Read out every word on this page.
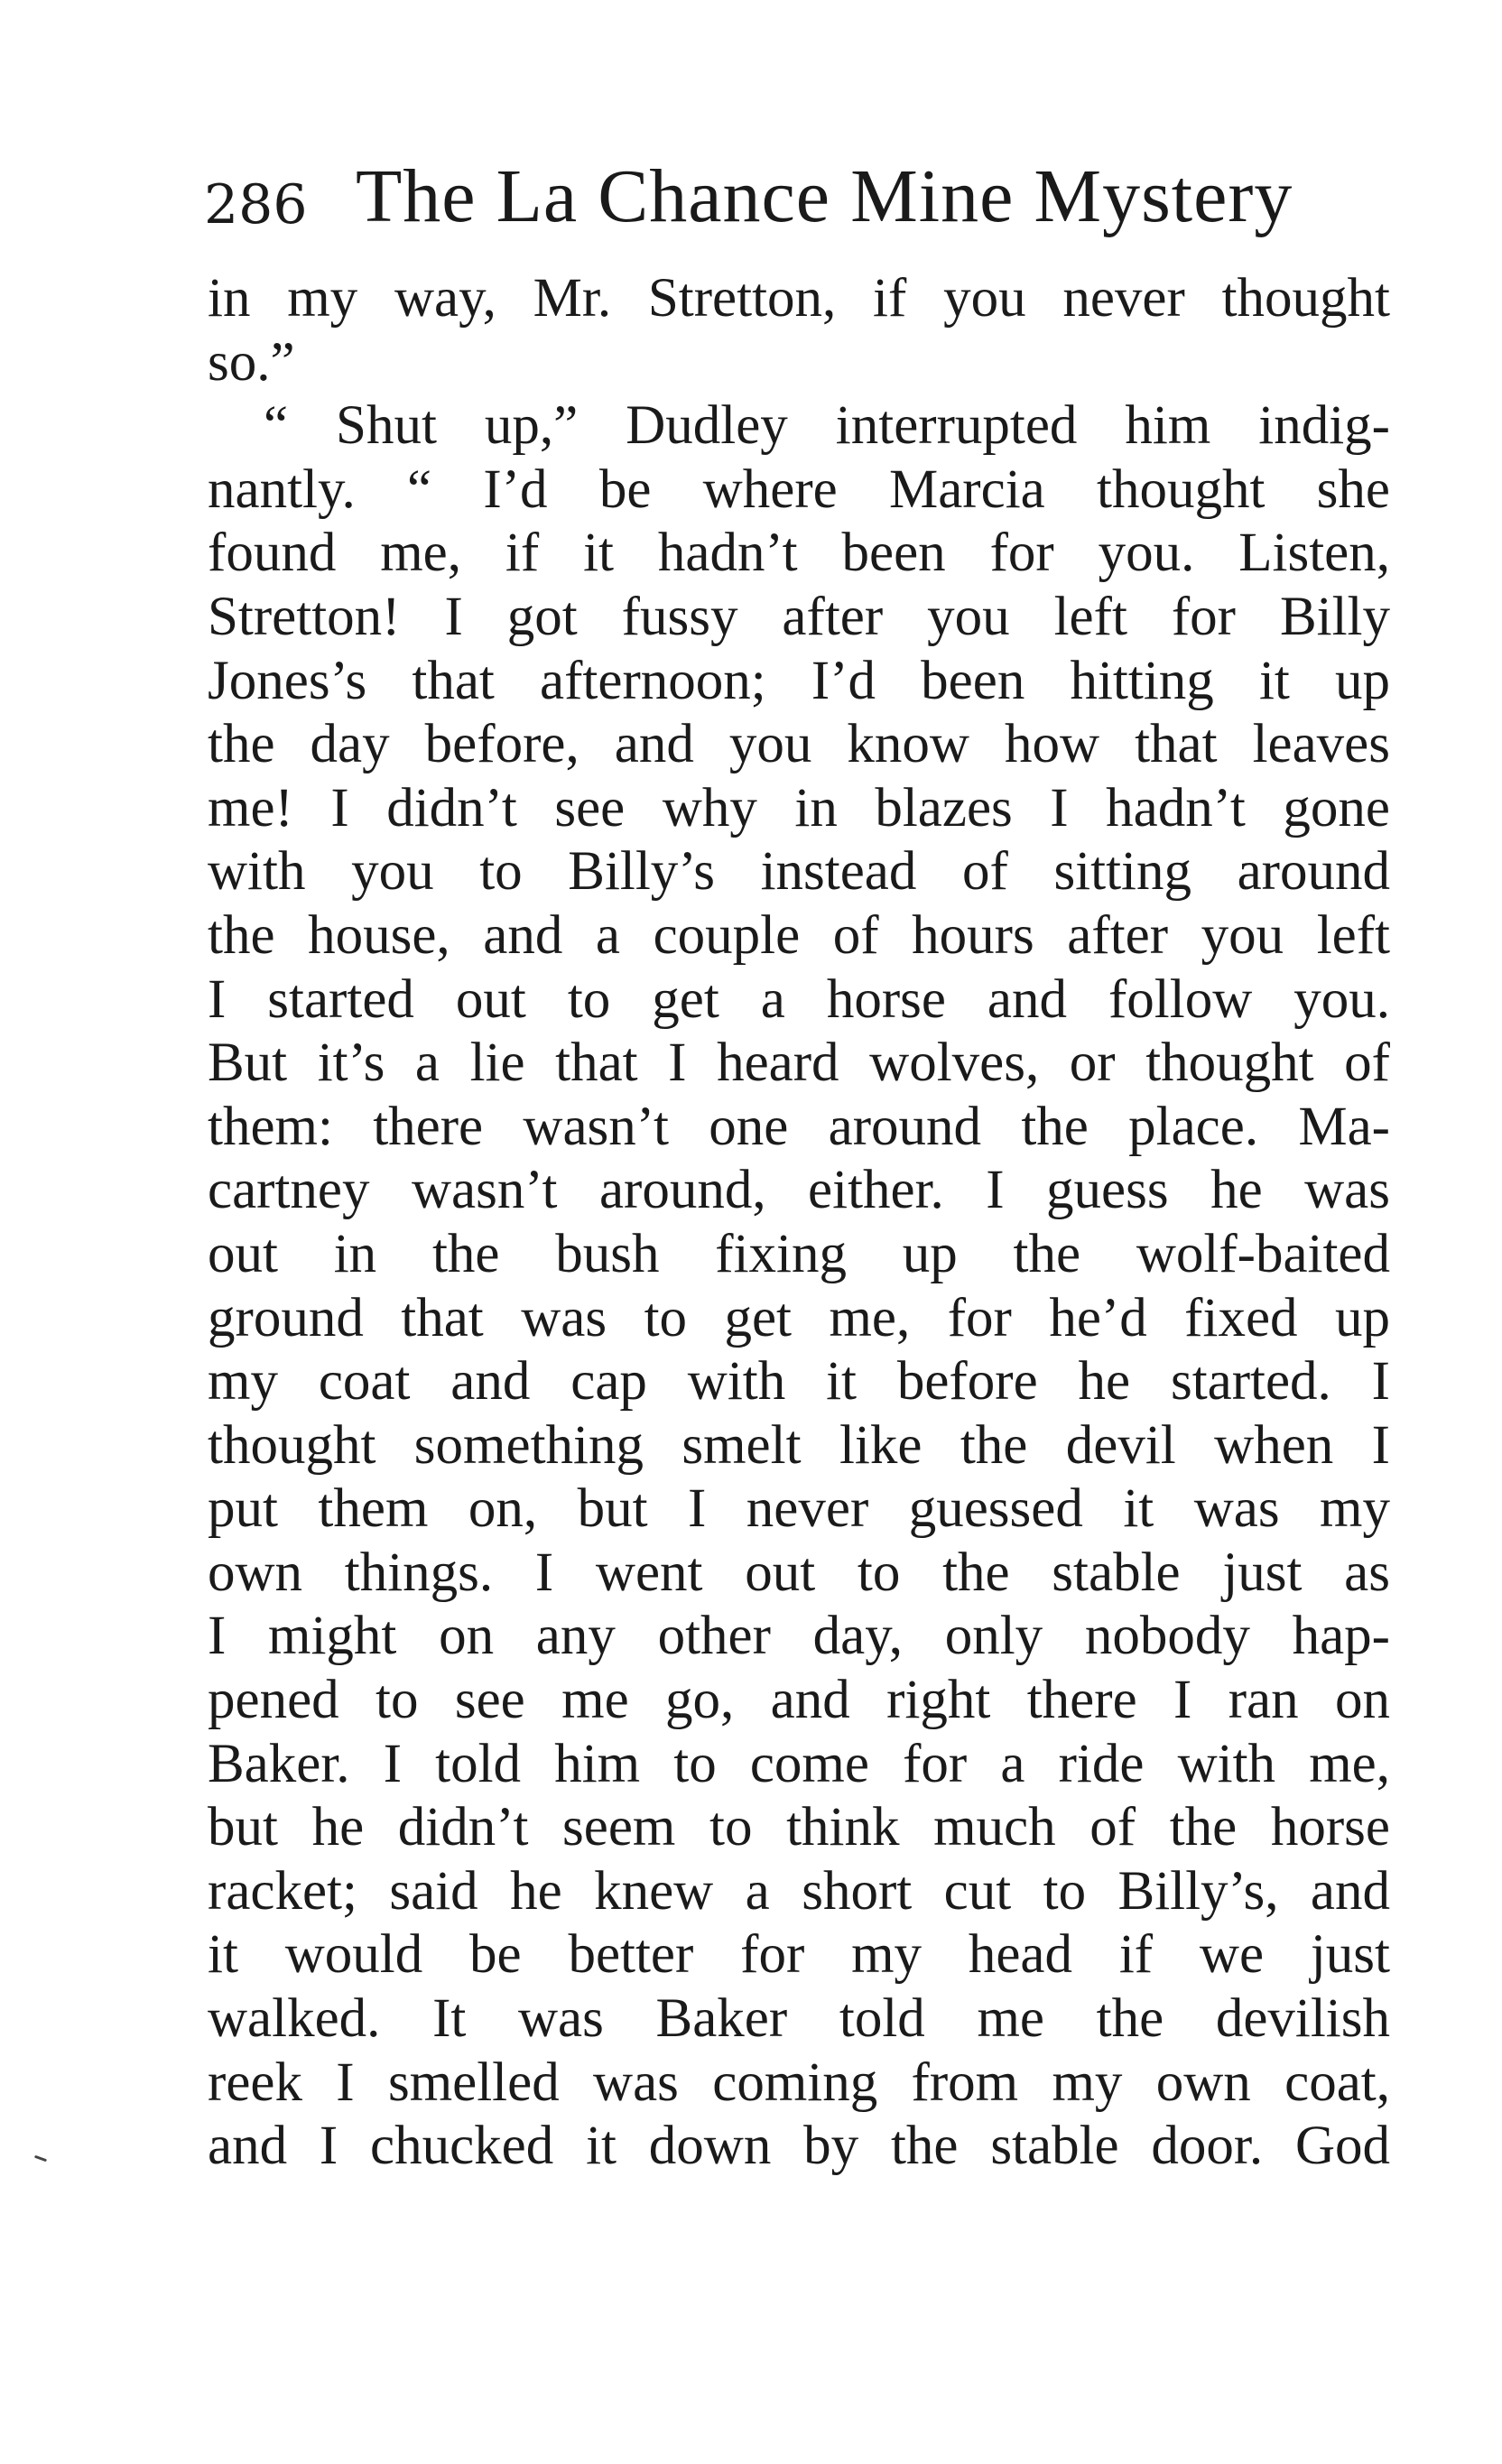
286 The La Chance Mine Mystery
in my way, Mr. Stretton, if you never thought
so.”
“ Shut up,” Dudley interrupted him indig-
nantly. “ I’d be where Marcia thought she
found me, if it hadn’t been for you. Listen,
Stretton! I got fussy after you left for Billy
Jones’s that afternoon; I’d been hitting it up
the day before, and you know how that leaves
me! I didn’t see why in blazes I hadn’t gone
with you to Billy’s instead of sitting around
the house, and a couple of hours after you left
I started out to get a horse and follow you.
But it’s a lie that I heard wolves, or thought of
them: there wasn’t one around the place. Ma-
cartney wasn’t around, either. I guess he was
out in the bush fixing up the wolf-baited
ground that was to get me, for he’d fixed up
my coat and cap with it before he started. I
thought something smelt like the devil when I
put them on, but I never guessed it was my
own things. I went out to the stable just as
I might on any other day, only nobody hap-
pened to see me go, and right there I ran on
Baker. I told him to come for a ride with me,
but he didn’t seem to think much of the horse
racket; said he knew a short cut to Billy’s, and
it would be better for my head if we just
walked. It was Baker told me the devilish
reek I smelled was coming from my own coat,
and I chucked it down by the stable door. God
